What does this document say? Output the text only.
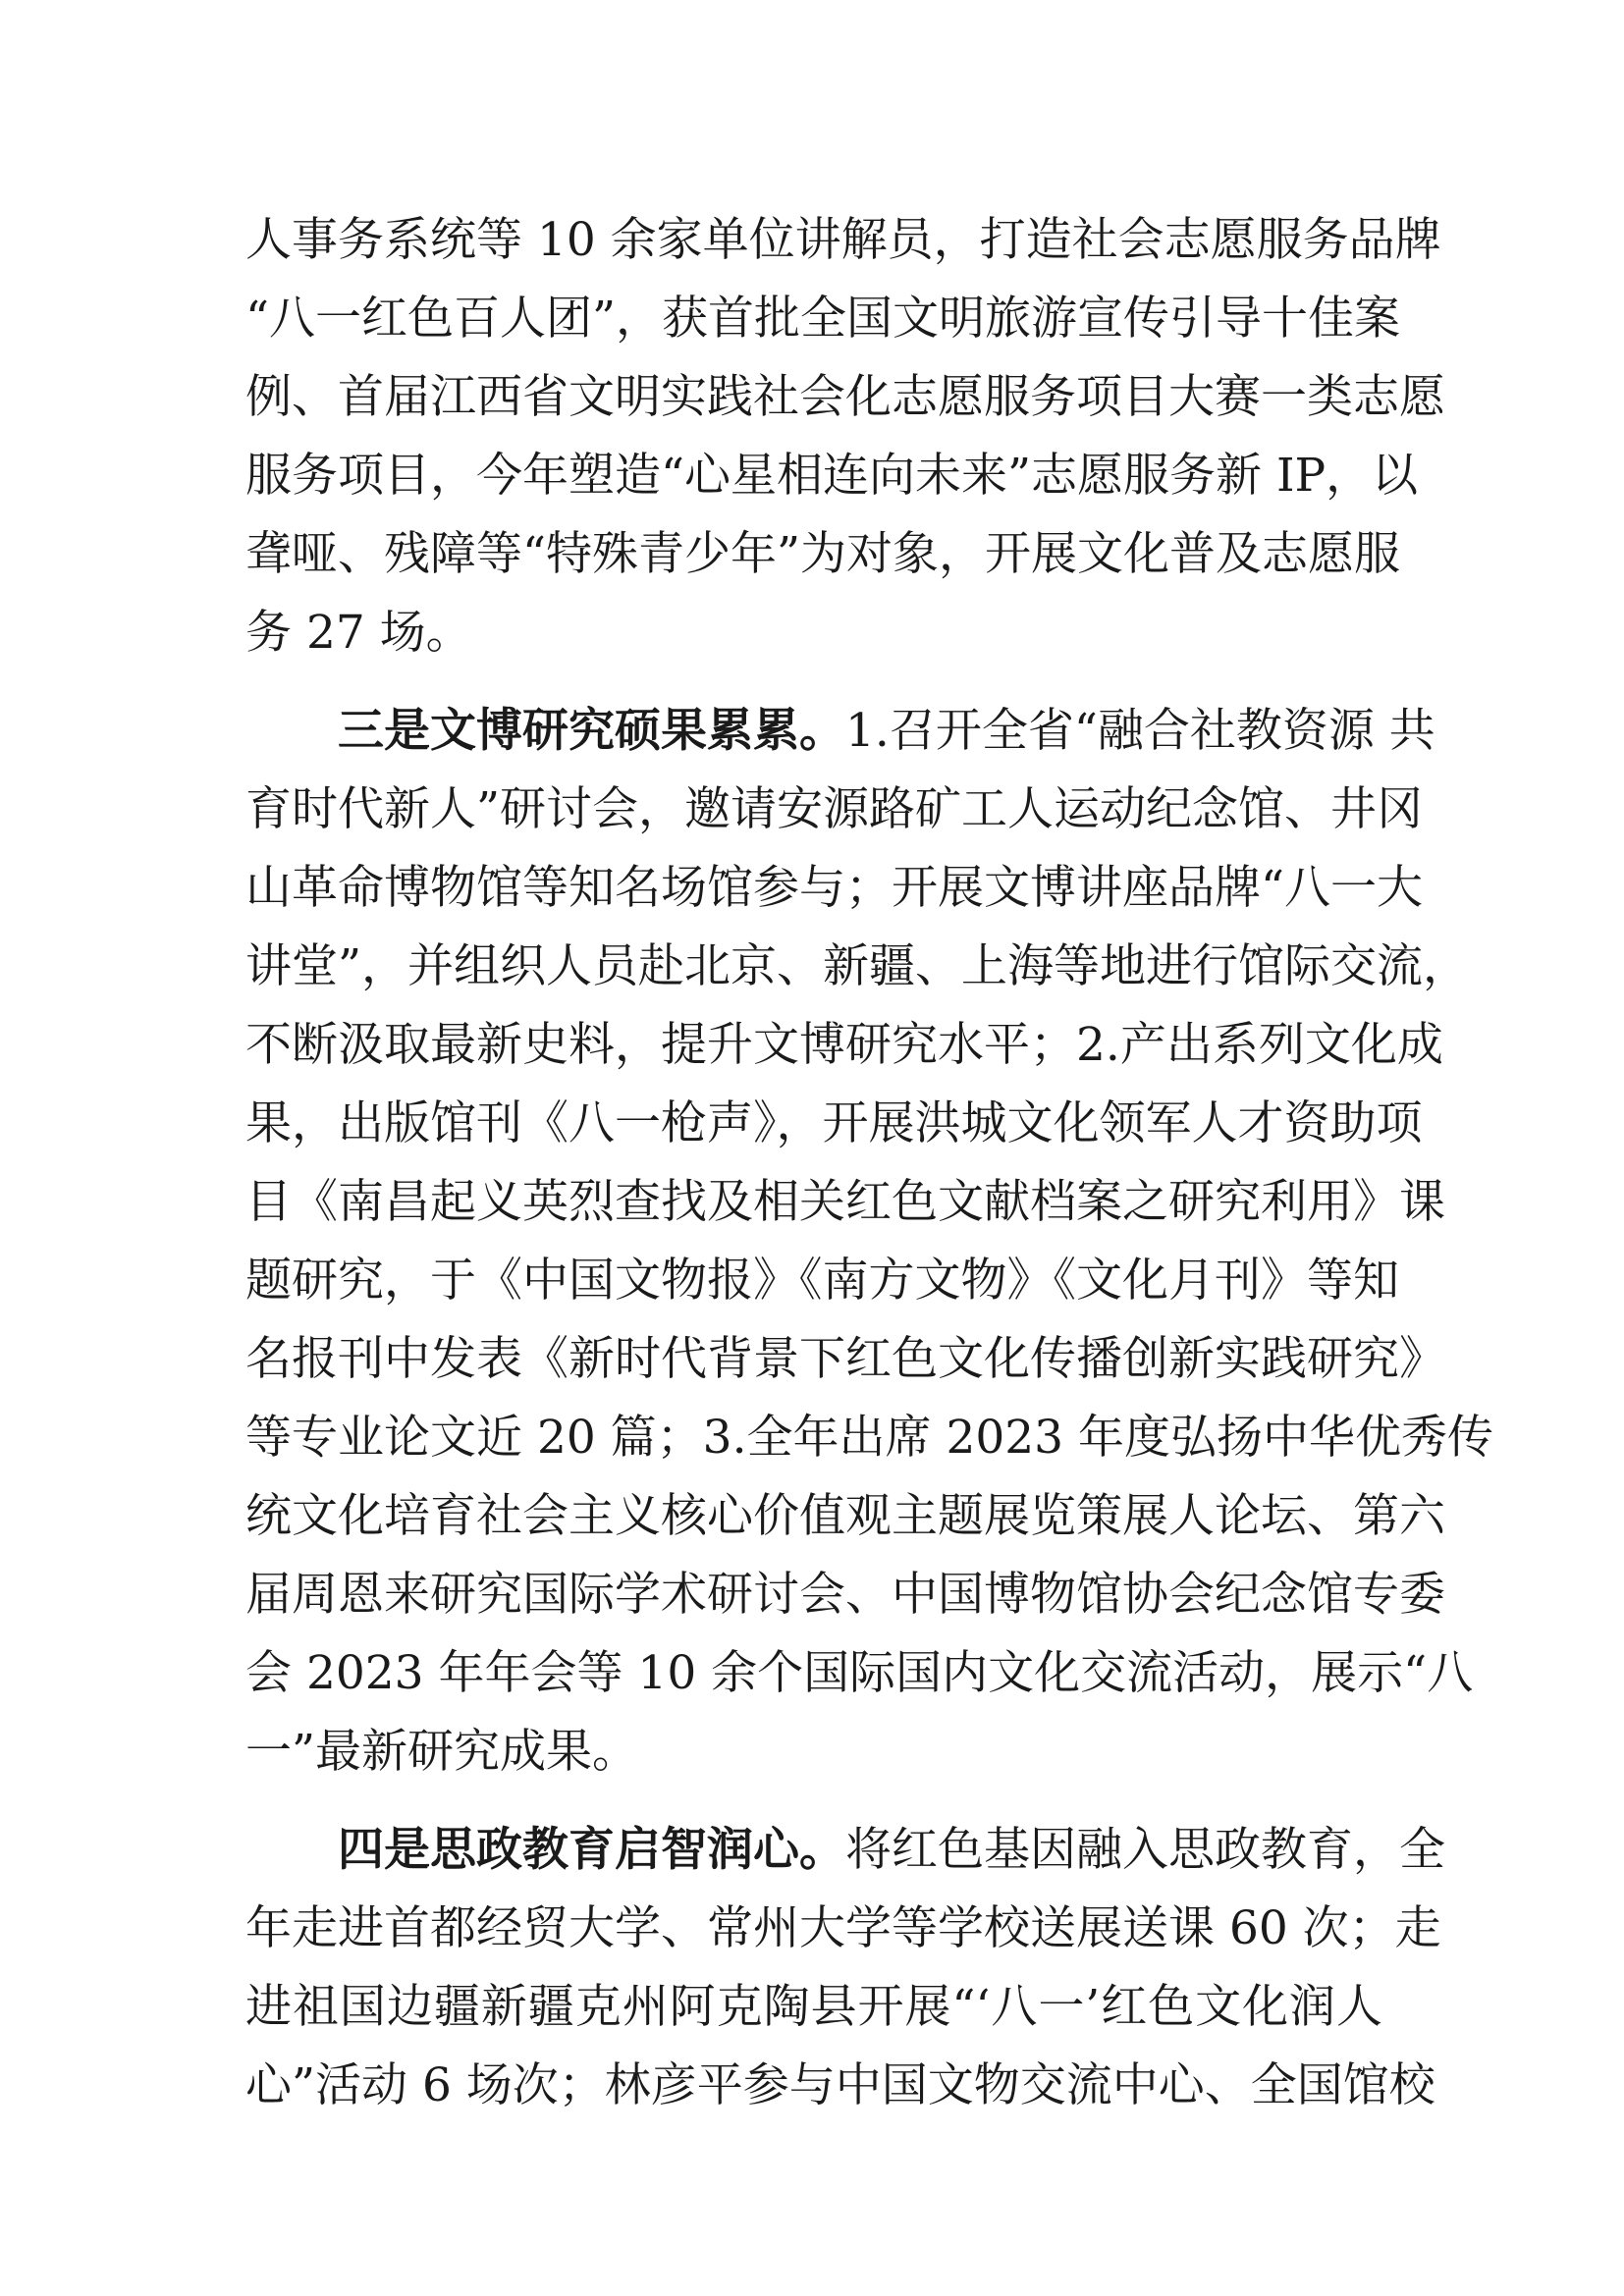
人事务系统等 10 余家单位讲解员，打造社会志愿服务品牌
“八一红色百人团”，获首批全国文明旅游宣传引导十佳案
例、首届江西省文明实践社会化志愿服务项目大赛一类志愿
服务项目，今年塑造“心星相连向未来”志愿服务新 IP，以
聋哑、残障等“特殊青少年”为对象，开展文化普及志愿服
务 27 场。
三是文博研究硕果累累。1.召开全省“融合社教资源 共
育时代新人”研讨会，邀请安源路矿工人运动纪念馆、井冈
山革命博物馆等知名场馆参与；开展文博讲座品牌“八一大
讲堂”，并组织人员赴北京、新疆、上海等地进行馆际交流，
不断汲取最新史料，提升文博研究水平；2.产出系列文化成
果，出版馆刊《八一枪声》，开展洪城文化领军人才资助项
目《南昌起义英烈查找及相关红色文献档案之研究利用》课
题研究，于《中国文物报》《南方文物》《文化月刊》等知
名报刊中发表《新时代背景下红色文化传播创新实践研究》
等专业论文近 20 篇；3.全年出席 2023 年度弘扬中华优秀传
统文化培育社会主义核心价值观主题展览策展人论坛、第六
届周恩来研究国际学术研讨会、中国博物馆协会纪念馆专委
会 2023 年年会等 10 余个国际国内文化交流活动，展示“八
一”最新研究成果。
四是思政教育启智润心。将红色基因融入思政教育，全
年走进首都经贸大学、常州大学等学校送展送课 60 次；走
进祖国边疆新疆克州阿克陶县开展“‘八一’红色文化润人
心”活动 6 场次；林彦平参与中国文物交流中心、全国馆校
